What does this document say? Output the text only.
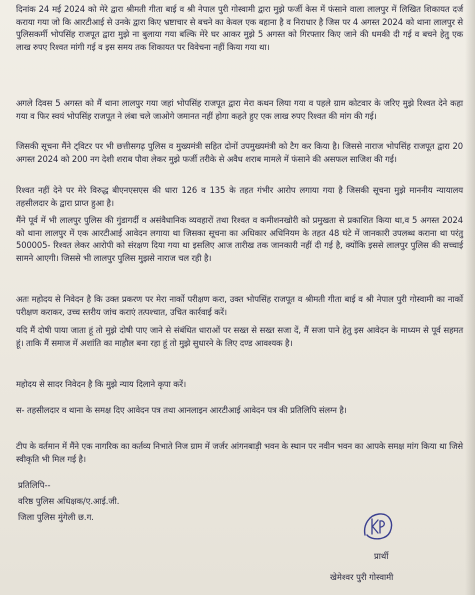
दिनांक 24 मई 2024 को मेरे द्वारा श्रीमती गीता बाई व श्री नेपाल पुरी गोस्वामी द्वारा मुझे फर्जी केस में फंसाने वाला लालपुर में लिखित शिकायत दर्ज कराया गया जो कि आरटीआई से उनके द्वारा किए भ्रष्टाचार से बचने का केवल एक बहाना है व निराधार है जिस पर 4 अगस्त 2024 को थाना लालपुर से पुलिसकर्मी भोपसिंह राजपूत द्वारा मुझे ना बुलाया गया बल्कि मेरे घर आकर मुझे 5 अगस्त को गिरफ्तार किए जाने की धमकी दी गई व बचने हेतु एक लाख रुपए रिश्वत मांगी गई व इस समय तक शिकायत पर विवेचना नहीं किया गया था।
अगले दिवस 5 अगस्त को मैं थाना लालपुर गया जहां भोपसिंह राजपूत द्वारा मेरा कथन लिया गया व पहले ग्राम कोटवार के जरिए मुझे रिश्वत देने कहा गया व फिर स्वयं भोपसिंह राजपूत ने लंबा चले जाओगे जमानत नहीं होगा कहते हुए एक लाख रुपए रिश्वत की मांग की गई।
जिसकी सूचना मैंने ट्विटर पर भी छत्तीसगढ़ पुलिस व मुख्यमंत्री सहित दोनों उपमुख्यमंत्री को टैग कर किया है। जिससे नाराज भोपसिंह राजपूत द्वारा 20 अगस्त 2024 को 200 नग देशी शराब पौवा लेकर मुझे फर्जी तरीके से अवैध शराब मामले में फंसाने की असफल साजिश की गई।
रिश्वत नहीं देने पर मेरे विरुद्ध बीएनएसएस की धारा 126 व 135 के तहत गंभीर आरोप लगाया गया है जिसकी सूचना मुझे माननीय न्यायालय तहसीलदार के द्वारा प्राप्त हुआ है।
मैंने पूर्व में भी लालपुर पुलिस की गुंडागर्दी व असंवैधानिक व्यवहारों तथा रिश्वत व कमीशनखोरी को प्रमुखता से प्रकाशित किया था,व 5 अगस्त 2024 को थाना लालपुर में एक आरटीआई आवेदन लगाया था जिसका सूचना का अधिकार अधिनियम के तहत 48 घंटे में जानकारी उपलब्ध कराना था परंतु 500005- रिश्वत लेकर आरोपी को संरक्षण दिया गया था इसलिए आज तारीख तक जानकारी नहीं दी गई है, क्योंकि इससे लालपुर पुलिस की सच्चाई सामने आएगी। जिससे भी लालपुर पुलिस मुझसे नाराज चल रही है।
अतः महोदय से निवेदन है कि उक्त प्रकरण पर मेरा नार्को परीक्षण करा, उक्त भोपसिंह राजपूत व श्रीमती गीता बाई व श्री नेपाल पुरी गोस्वामी का नार्को परीक्षण कराकर, उच्च स्तरीय जांच कराएं तत्पश्चात, उचित कार्रवाई करें।
यदि मैं दोषी पाया जाता हूं तो मुझे दोषी पाए जाने से संबंधित धाराओं पर सख्त से सख्त सजा दें, मैं सजा पाने हेतु इस आवेदन के माध्यम से पूर्व सहमत हूं। ताकि मैं समाज में अशांति का माहौल बना रहा हूं तो मुझे सुधारने के लिए दण्ड आवश्यक है।
महोदय से सादर निवेदन है कि मुझे न्याय दिलाने कृपा करें।
स- तहसीलदार व थाना के समक्ष दिए आवेदन पत्र तथा आनलाइन आरटीआई आवेदन पत्र की प्रतिलिपि संलग्न है।
टीप के वर्तमान में मैंने एक नागरिक का कर्तव्य निभाते निज ग्राम में जर्जर आंगनबाड़ी भवन के स्थान पर नवीन भवन का आपके समक्ष मांग किया था जिसे स्वीकृति भी मिल गई है।
प्रतिलिपि--
वरिष्ठ पुलिस अधिक्षक/ए.आई.जी.
जिला पुलिस मुंगेली छ.ग.
प्रार्थी
खेमेश्वर पुरी गोस्वामी
